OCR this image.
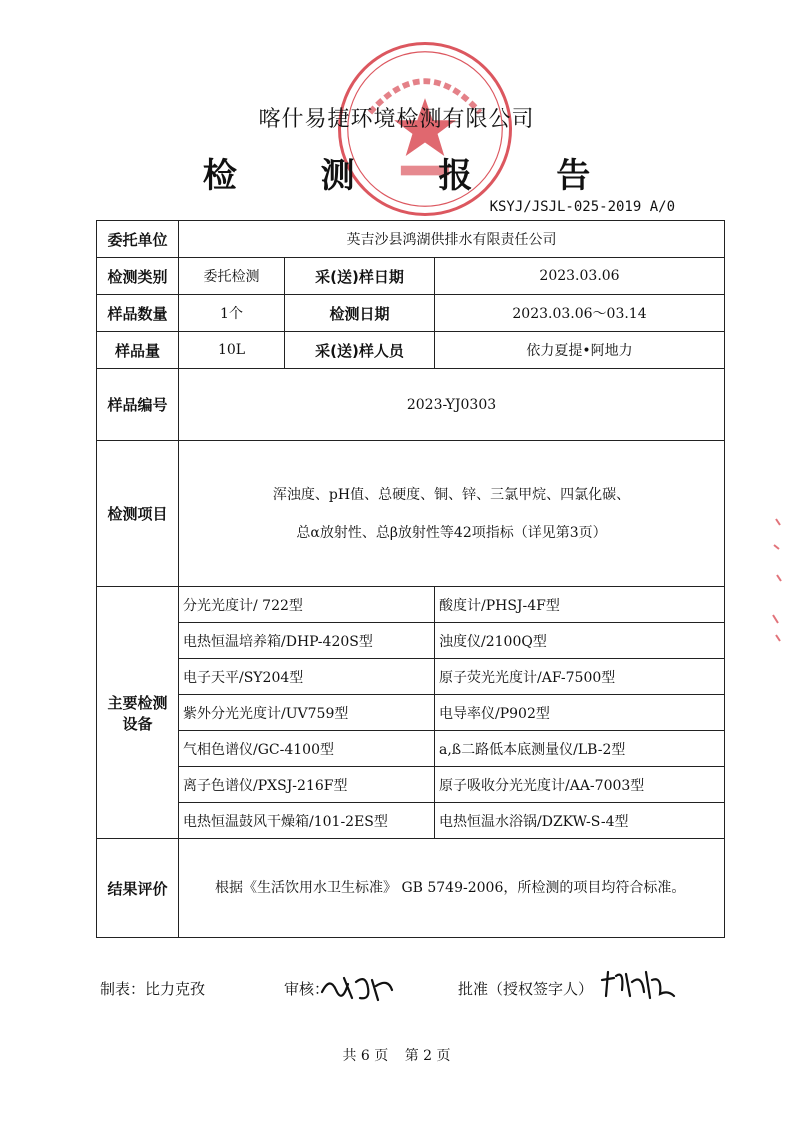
喀什易捷环境检测有限公司
检 测 报 告
KSYJ/JSJL-025-2019 A/0
委托单位	英吉沙县鸿湖供排水有限责任公司		
检测类别	委托检测	采(送)样日期	2023.03.06
样品数量	1个	检测日期	2023.03.06～03.14
样品量	10L	采(送)样人员	依力夏提•阿地力
样品编号	2023-YJ0303		
检测项目	浑浊度、pH值、总硬度、铜、锌、三氯甲烷、四氯化碳、
总α放射性、总β放射性等42项指标（详见第3页）		

主要检测设备	分光光度计/ 722型		酸度计/PHSJ-4F型
	电热恒温培养箱/DHP-420S型		浊度仪/2100Q型
	电子天平/SY204型		原子荧光光度计/AF-7500型
	紫外分光光度计/UV759型		电导率仪/P902型
	气相色谱仪/GC-4100型		a,ß二路低本底测量仪/LB-2型
	离子色谱仪/PXSJ-216F型		原子吸收分光光度计/AA-7003型
	电热恒温鼓风干燥箱/101-2ES型		电热恒温水浴锅/DZKW-S-4型
结果评价	根据《生活饮用水卫生标准》 GB 5749-2006，所检测的项目均符合标准。		
制表：比力克孜	审核：	批准（授权签字人）
共 6 页 第 2 页
